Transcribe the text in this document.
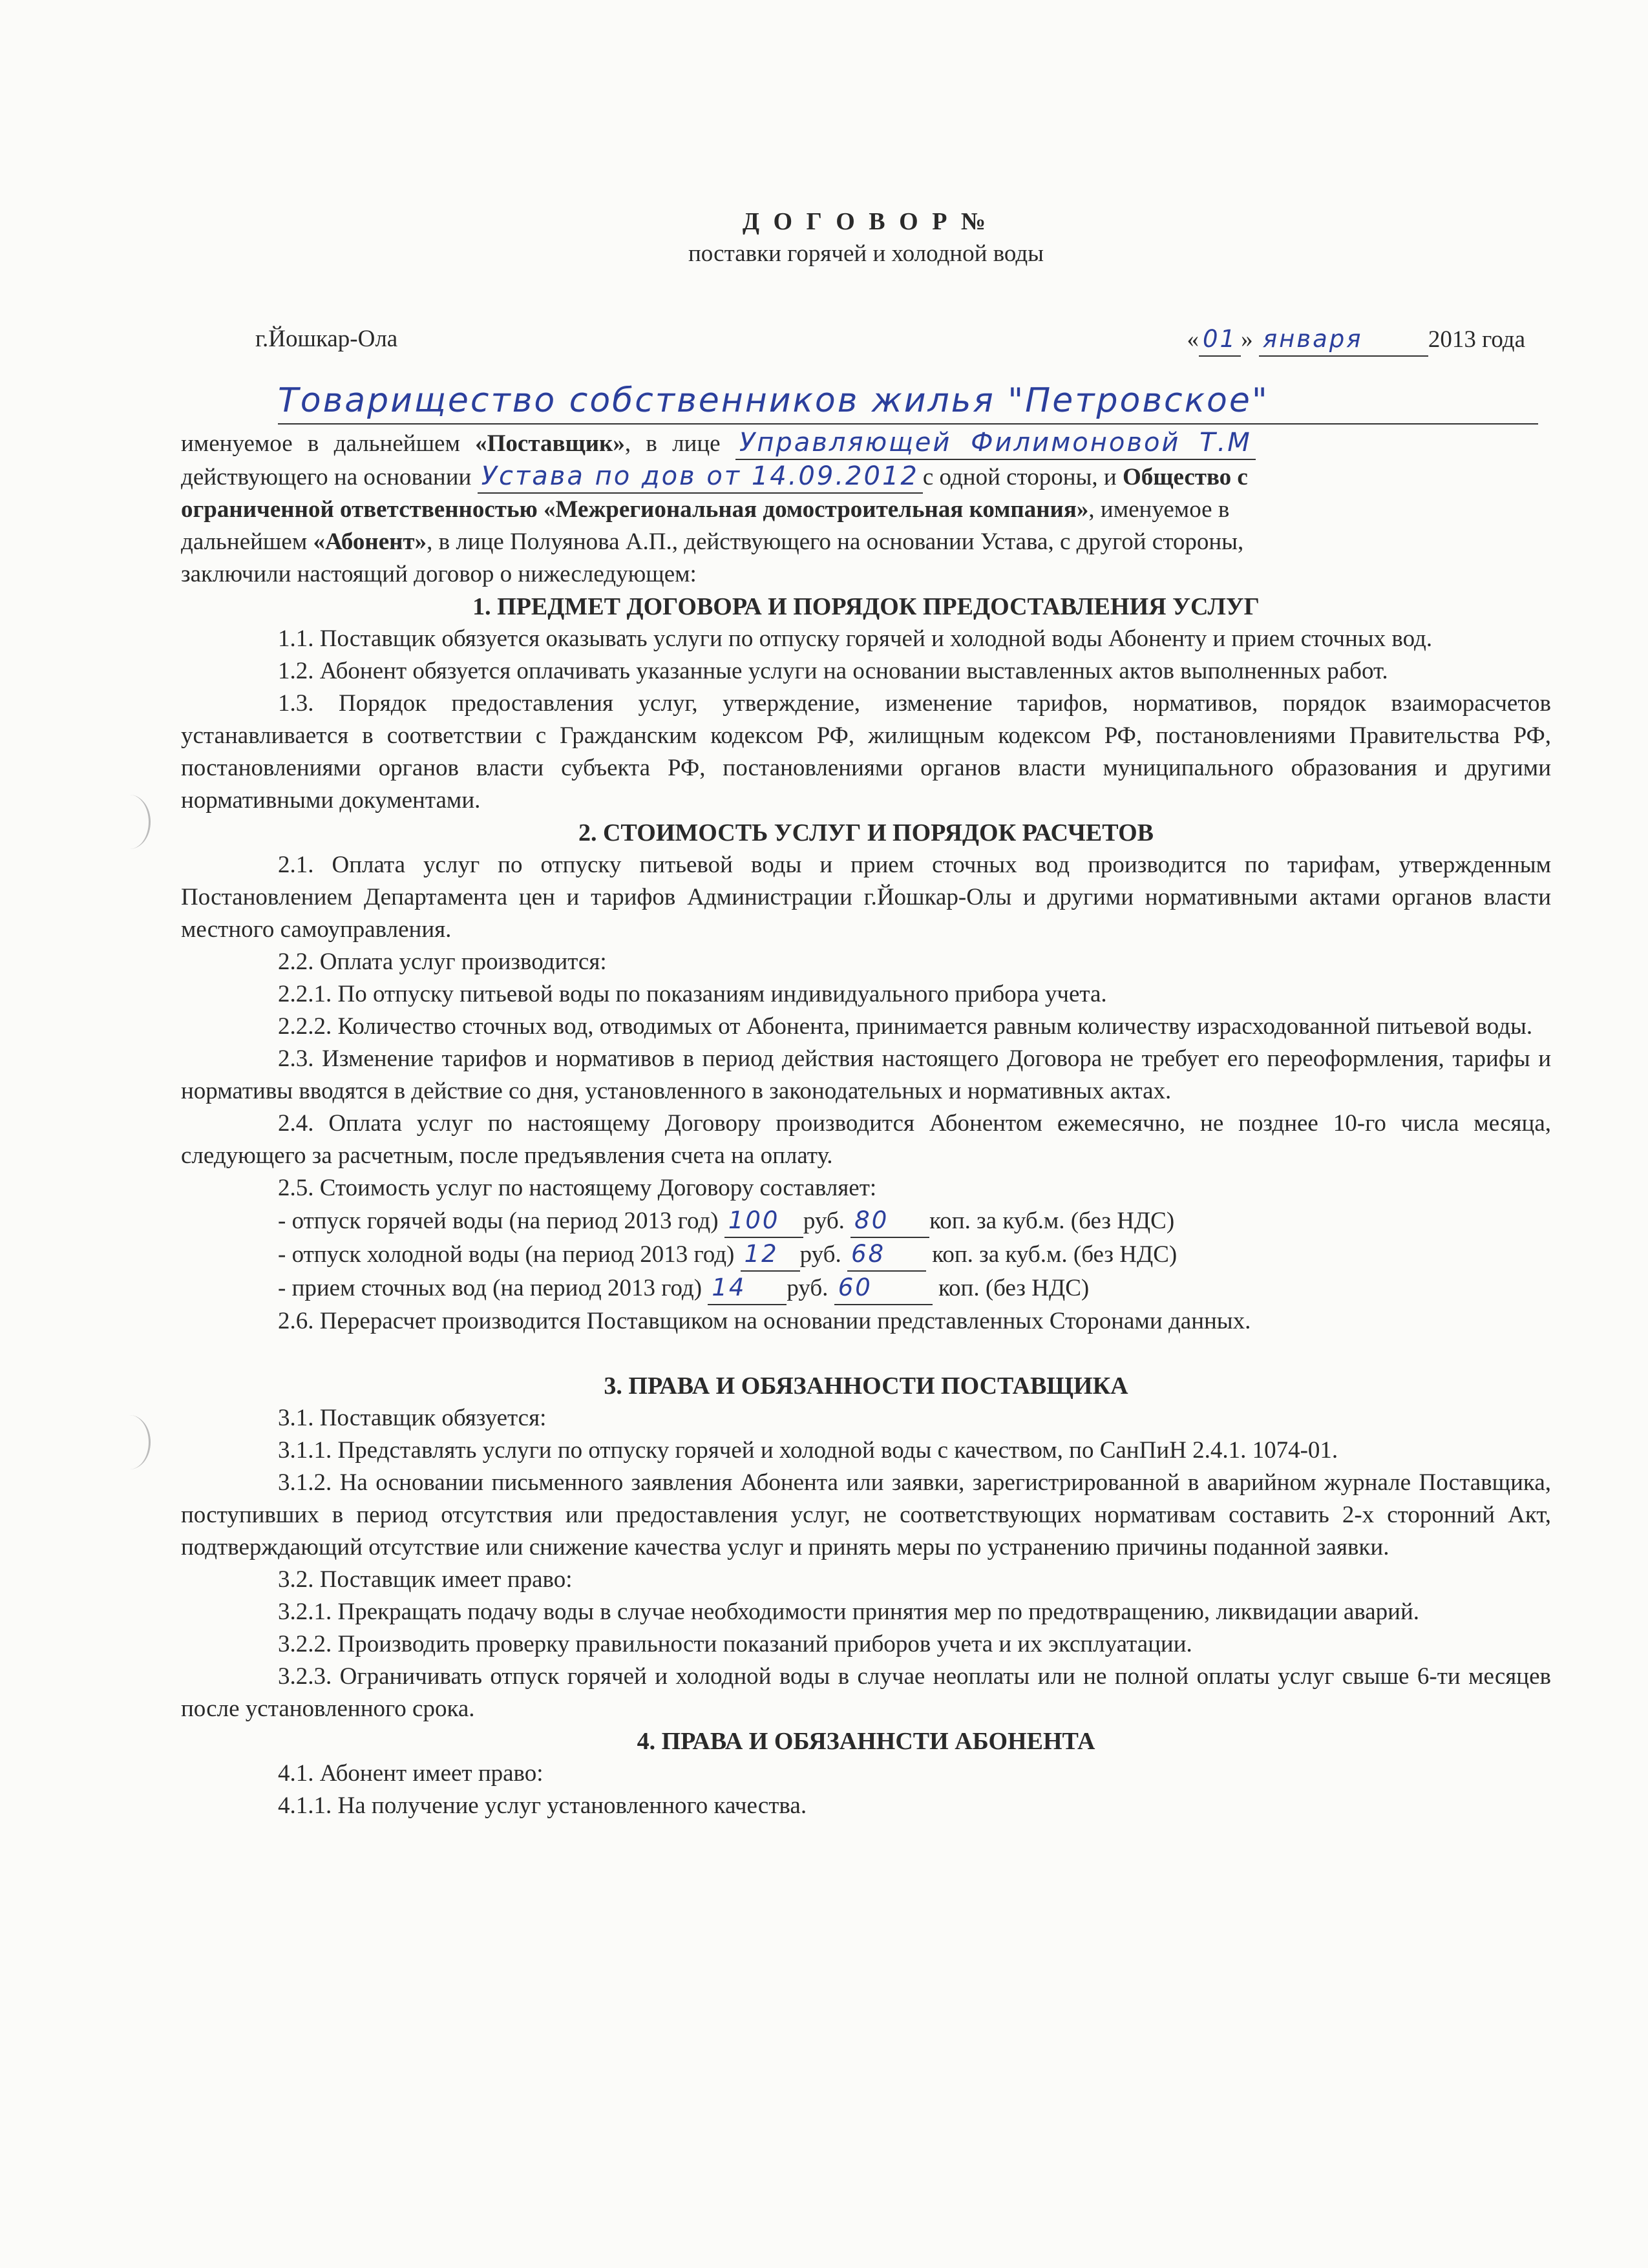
Д О Г О В О Р №
поставки горячей и холодной воды
г.Йошкар-Ола	« 01 » января	2013 года
Товарищество собственников жилья "Петровское"

именуемое в дальнейшем «Поставщик», в лице Управляющей Филимоновой Т.М

действующего на основании Устава по дов от 14.09.2012 с одной стороны, и Общество с

ограниченной ответственностью «Межрегиональная домостроительная компания», именуемое в

дальнейшем «Абонент», в лице Полуянова А.П., действующего на основании Устава, с другой стороны,

заключили настоящий договор о нижеследующем:

1. ПРЕДМЕТ ДОГОВОРА И ПОРЯДОК ПРЕДОСТАВЛЕНИЯ УСЛУГ

1.1. Поставщик обязуется оказывать услуги по отпуску горячей и холодной воды Абоненту и прием сточных вод.

1.2. Абонент обязуется оплачивать указанные услуги на основании выставленных актов выполненных работ.

1.3. Порядок предоставления услуг, утверждение, изменение тарифов, нормативов, порядок взаиморасчетов устанавливается в соответствии с Гражданским кодексом РФ, жилищным кодексом РФ, постановлениями Правительства РФ, постановлениями органов власти субъекта РФ, постановлениями органов власти муниципального образования и другими нормативными документами.

2. СТОИМОСТЬ УСЛУГ И ПОРЯДОК РАСЧЕТОВ

2.1. Оплата услуг по отпуску питьевой воды и прием сточных вод производится по тарифам, утвержденным Постановлением Департамента цен и тарифов Администрации г.Йошкар-Олы и другими нормативными актами органов власти местного самоуправления.

2.2. Оплата услуг производится:

2.2.1. По отпуску питьевой воды по показаниям индивидуального прибора учета.

2.2.2. Количество сточных вод, отводимых от Абонента, принимается равным количеству израсходованной питьевой воды.

2.3. Изменение тарифов и нормативов в период действия настоящего Договора не требует его переоформления, тарифы и нормативы вводятся в действие со дня, установленного в законодательных и нормативных актах.

2.4. Оплата услуг по настоящему Договору производится Абонентом ежемесячно, не позднее 10-го числа месяца, следующего за расчетным, после предъявления счета на оплату.

2.5. Стоимость услуг по настоящему Договору составляет:

- отпуск горячей воды (на период 2013 год) 100 руб. 80 коп. за куб.м. (без НДС)

- отпуск холодной воды (на период 2013 год) 12 руб. 68 коп. за куб.м. (без НДС)

- прием сточных вод (на период 2013 год) 14 руб. 60	коп. (без НДС)

2.6. Перерасчет производится Поставщиком на основании представленных Сторонами данных.

3. ПРАВА И ОБЯЗАННОСТИ ПОСТАВЩИКА

3.1. Поставщик обязуется:

3.1.1. Представлять услуги по отпуску горячей и холодной воды с качеством, по СанПиН 2.4.1. 1074-01.

3.1.2. На основании письменного заявления Абонента или заявки, зарегистрированной в аварийном журнале Поставщика, поступивших в период отсутствия или предоставления услуг, не соответствующих нормативам составить 2-х сторонний Акт, подтверждающий отсутствие или снижение качества услуг и принять меры по устранению причины поданной заявки.

3.2. Поставщик имеет право:

3.2.1. Прекращать подачу воды в случае необходимости принятия мер по предотвращению, ликвидации аварий.

3.2.2. Производить проверку правильности показаний приборов учета и их эксплуатации.

3.2.3. Ограничивать отпуск горячей и холодной воды в случае неоплаты или не полной оплаты услуг свыше 6-ти месяцев после установленного срока.

4. ПРАВА И ОБЯЗАННСТИ АБОНЕНТА

4.1. Абонент имеет право:

4.1.1. На получение услуг установленного качества.
